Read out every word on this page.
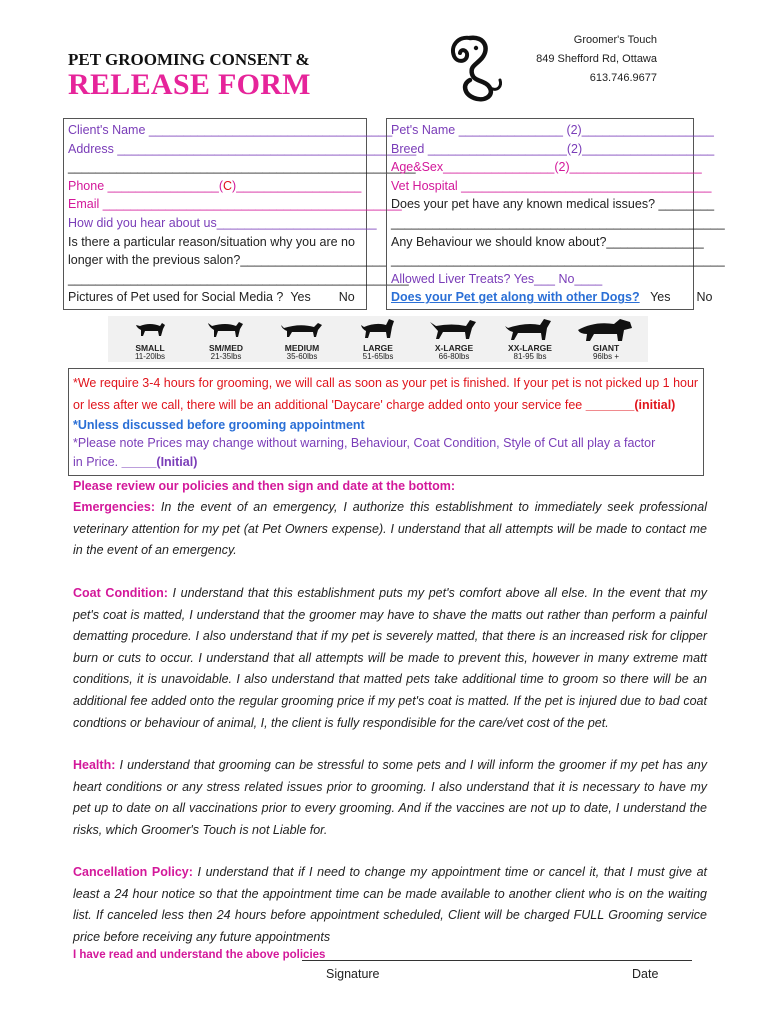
PET GROOMING CONSENT &
RELEASE FORM
Groomer's Touch
849 Shefford Rd, Ottawa
613.746.9677
Client's Name ___________________________________
Address ___________________________________________
__________________________________________________
Phone ________________(C)__________________
Email ___________________________________________
How did you hear about us_______________________
Is there a particular reason/situation why you are no
longer with the previous salon?_____________________
_________________________________________________
Pictures of Pet used for Social Media ? Yes No
Pet's Name _______________ (2)___________________
Breed ____________________(2)___________________
Age&Sex________________(2)___________________
Vet Hospital ____________________________________
Does your pet have any known medical issues? ________
________________________________________________
Any Behaviour we should know about?______________
________________________________________________
Allowed Liver Treats? Yes___ No____
Does your Pet get along with other Dogs? Yes No
SMALL
11-20lbs
SM/MED
21-35lbs
MEDIUM
35-60lbs
LARGE
51-65lbs
X-LARGE
66-80lbs
XX-LARGE
81-95 lbs
GIANT
96lbs +
*We require 3-4 hours for grooming, we will call as soon as your pet is finished. If your pet is not picked up 1 hour
or less after we call, there will be an additional 'Daycare' charge added onto your service fee _______(initial)
*Unless discussed before grooming appointment
*Please note Prices may change without warning, Behaviour, Coat Condition, Style of Cut all play a factor
in Price. _____(Initial)
Please review our policies and then sign and date at the bottom:
Emergencies: In the event of an emergency, I authorize this establishment to immediately seek professional veterinary attention for my pet (at Pet Owners expense). I understand that all attempts will be made to contact me in the event of an emergency.
Coat Condition: I understand that this establishment puts my pet's comfort above all else. In the event that my pet's coat is matted, I understand that the groomer may have to shave the matts out rather than perform a painful dematting procedure. I also understand that if my pet is severely matted, that there is an increased risk for clipper burn or cuts to occur. I understand that all attempts will be made to prevent this, however in many extreme matt conditions, it is unavoidable. I also understand that matted pets take additional time to groom so there will be an additional fee added onto the regular grooming price if my pet's coat is matted. If the pet is injured due to bad coat condtions or behaviour of animal, I, the client is fully respondisible for the care/vet cost of the pet.
Health: I understand that grooming can be stressful to some pets and I will inform the groomer if my pet has any heart conditions or any stress related issues prior to grooming. I also understand that it is necessary to have my pet up to date on all vaccinations prior to every grooming. And if the vaccines are not up to date, I understand the risks, which Groomer's Touch is not Liable for.
Cancellation Policy: I understand that if I need to change my appointment time or cancel it, that I must give at least a 24 hour notice so that the appointment time can be made available to another client who is on the waiting list. If canceled less then 24 hours before appointment scheduled, Client will be charged FULL Grooming service price before receiving any future appointments
I have read and understand the above policies
Signature	Date
